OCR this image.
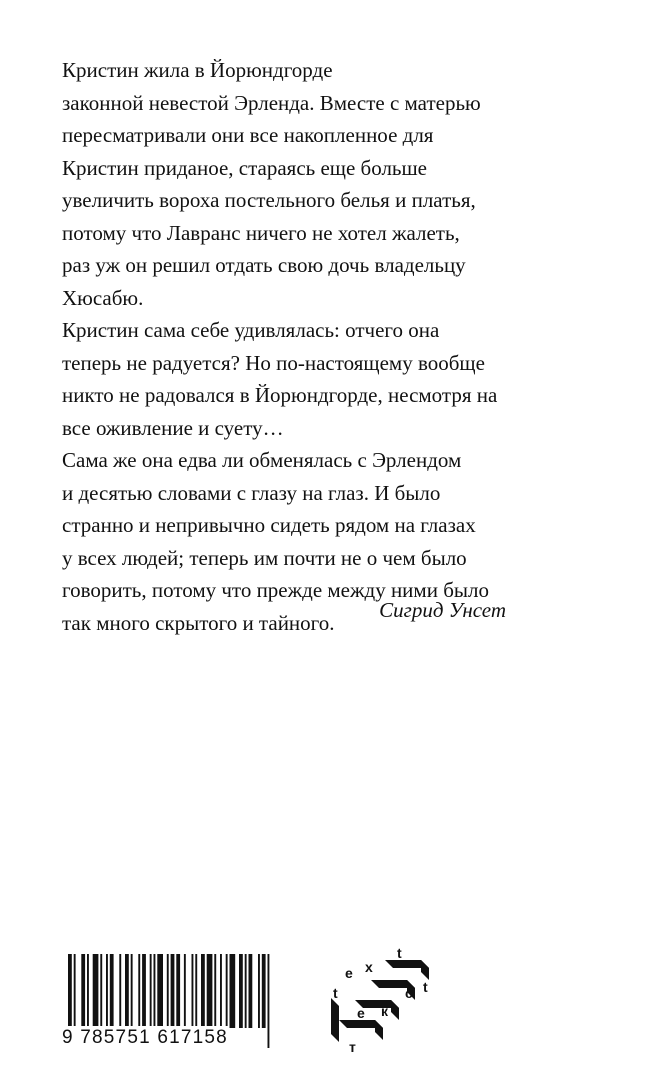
Кристин жила в Йорюндгорде
законной невестой Эрленда. Вместе с матерью
пересматривали они все накопленное для
Кристин приданое, стараясь еще больше
увеличить вороха постельного белья и платья,
потому что Лавранс ничего не хотел жалеть,
раз уж он решил отдать свою дочь владельцу
Хюсабю.
Кристин сама себе удивлялась: отчего она
теперь не радуется? Но по-настоящему вообще
никто не радовался в Йорюндгорде, несмотря на
все оживление и суету…
Сама же она едва ли обменялась с Эрлендом
и десятью словами с глазу на глаз. И было
странно и непривычно сидеть рядом на глазах
у всех людей; теперь им почти не о чем было
говорить, потому что прежде между ними было
так много скрытого и тайного.
Сигрид Унсет
9 785751 617158
t
е х
t	с t
е к
т
